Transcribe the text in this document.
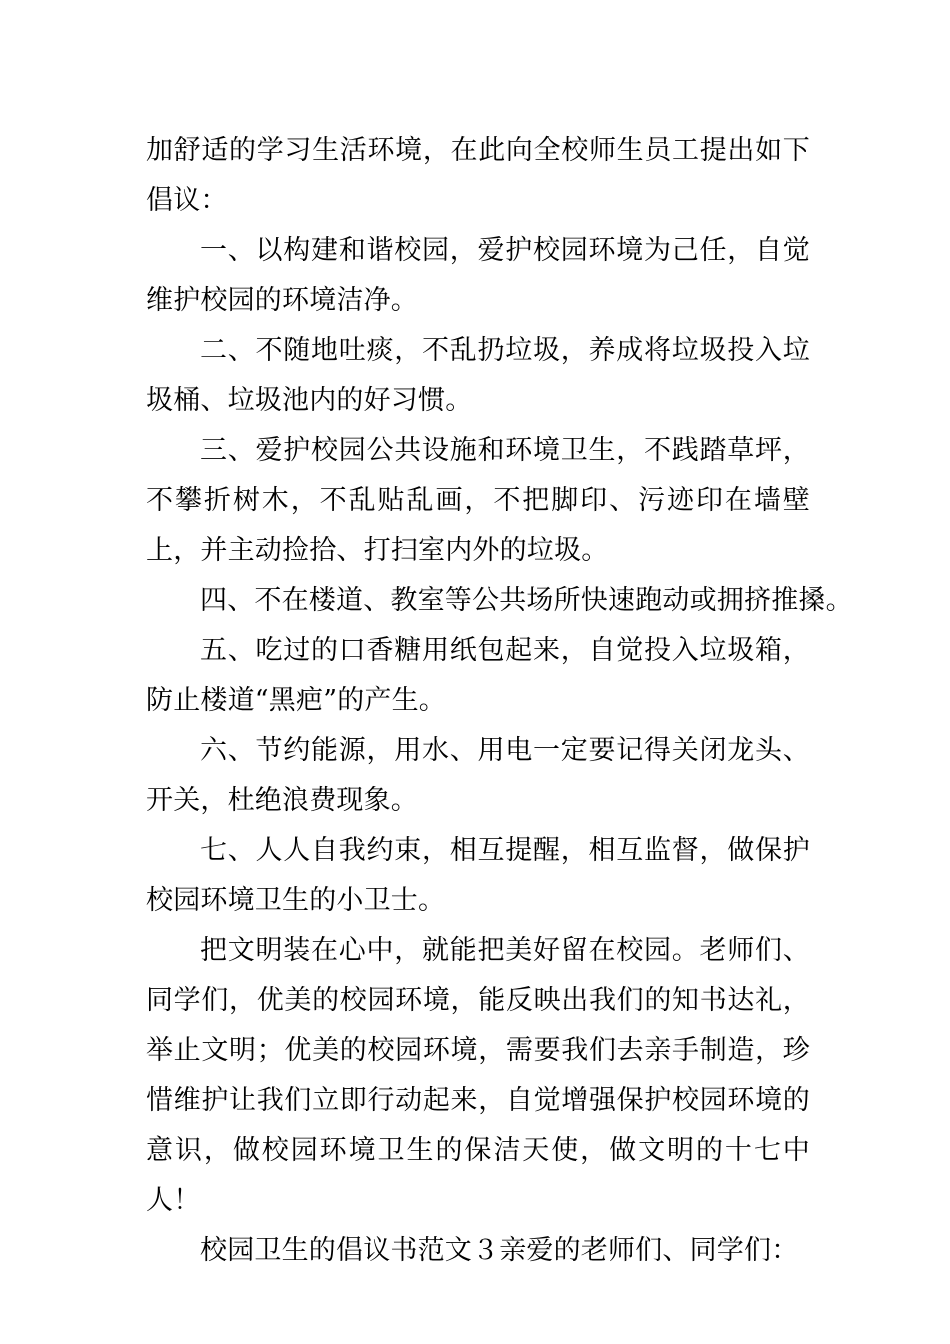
加舒适的学习生活环境，在此向全校师生员工提出如下倡议：

一、以构建和谐校园，爱护校园环境为己任，自觉维护校园的环境洁净。

二、不随地吐痰，不乱扔垃圾，养成将垃圾投入垃圾桶、垃圾池内的好习惯。

三、爱护校园公共设施和环境卫生，不践踏草坪，不攀折树木，不乱贴乱画，不把脚印、污迹印在墙壁上，并主动捡拾、打扫室内外的垃圾。

四、不在楼道、教室等公共场所快速跑动或拥挤推搡。

五、吃过的口香糖用纸包起来，自觉投入垃圾箱，防止楼道“黑疤”的产生。

六、节约能源，用水、用电一定要记得关闭龙头、开关，杜绝浪费现象。

七、人人自我约束，相互提醒，相互监督，做保护校园环境卫生的小卫士。

把文明装在心中，就能把美好留在校园。老师们、同学们，优美的校园环境，能反映出我们的知书达礼，举止文明；优美的校园环境，需要我们去亲手制造，珍惜维护让我们立即行动起来，自觉增强保护校园环境的意识，做校园环境卫生的保洁天使，做文明的十七中人！

校园卫生的倡议书范文３亲爱的老师们、同学们：
